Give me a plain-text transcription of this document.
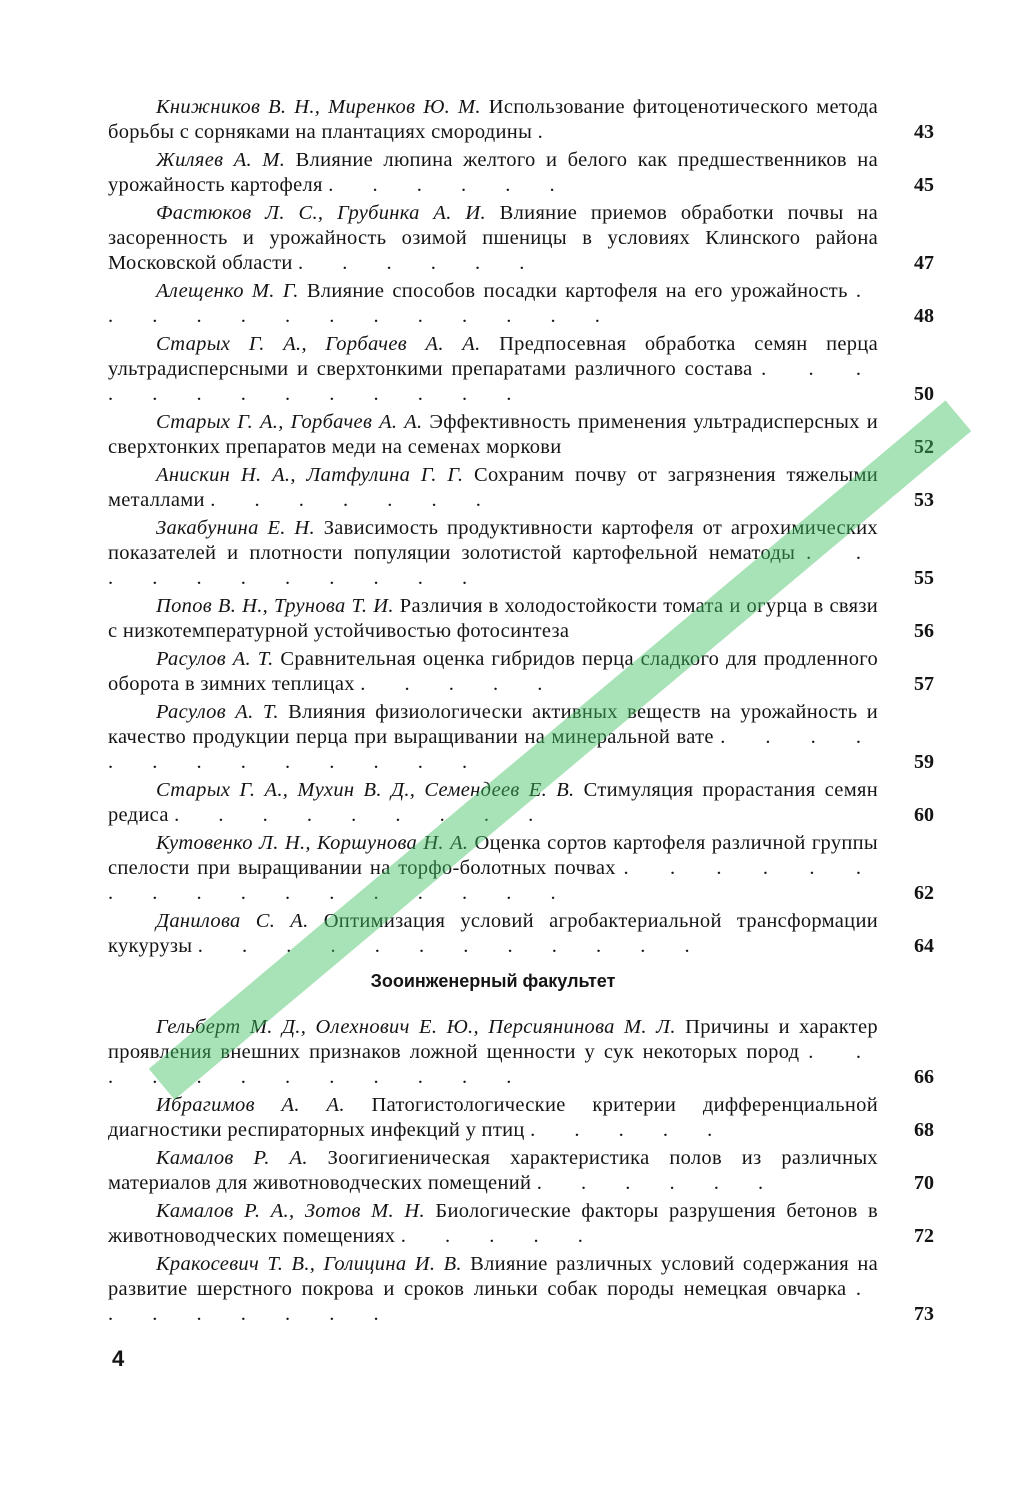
Книжников В. Н., Миренков Ю. М. Использование фитоценотического метода борьбы с сорняками на плантациях смородины .	43

Жиляев А. М. Влияние люпина желтого и белого как предшественников на урожайность картофеля . . . . . .	45

Фастюков Л. С., Грубинка А. И. Влияние приемов обработки почвы на засоренность и урожайность озимой пшеницы в условиях Клинского района Московской области . . . . . .	47

Алещенко М. Г. Влияние способов посадки картофеля на его урожайность . . . . . . . . . . . . .	48

Старых Г. А., Горбачев А. А. Предпосевная обработка семян перца ультрадисперсными и сверхтонкими препаратами различного состава . . . . . . . . . . . . .	50

Старых Г. А., Горбачев А. А. Эффективность применения ультрадисперсных и сверхтонких препаратов меди на семенах моркови	52

Анискин Н. А., Латфулина Г. Г. Сохраним почву от загрязнения тяжелыми металлами . . . . . . .	53

Закабунина Е. Н. Зависимость продуктивности картофеля от агрохимических показателей и плотности популяции золотистой картофельной нематоды . . . . . . . . . . .	55

Попов В. Н., Трунова Т. И. Различия в холодостойкости томата и огурца в связи с низкотемпературной устойчивостью фотосинтеза	56

Расулов А. Т. Сравнительная оценка гибридов перца сладкого для продленного оборота в зимних теплицах . . . . .	57

Расулов А. Т. Влияния физиологически активных веществ на урожайность и качество продукции перца при выращивании на минеральной вате . . . . . . . . . . . . .	59

Старых Г. А., Мухин В. Д., Семендеев Е. В. Стимуляция прорастания семян редиса . . . . . . . . .	60

Кутовенко Л. Н., Коршунова Н. А. Оценка сортов картофеля различной группы спелости при выращивании на торфо-болотных почвах . . . . . . . . . . . . . . . . .	62

Данилова С. А. Оптимизация условий агробактериальной трансформации кукурузы . . . . . . . . . . . .	64
Зооинженерный факультет

Гельберт М. Д., Олехнович Е. Ю., Персиянинова М. Л. Причины и характер проявления внешних признаков ложной щенности у сук некоторых пород . . . . . . . . . . . .	66

Ибрагимов А. А. Патогистологические критерии дифференциальной диагностики респираторных инфекций у птиц . . . . .	68

Камалов Р. А. Зоогигиеническая характеристика полов из различных материалов для животноводческих помещений . . . . . .	70

Камалов Р. А., Зотов М. Н. Биологические факторы разрушения бетонов в животноводческих помещениях . . . . .	72

Кракосевич Т. В., Голицина И. В. Влияние различных условий содержания на развитие шерстного покрова и сроков линьки собак породы немецкая овчарка . . . . . . . .	73
4
